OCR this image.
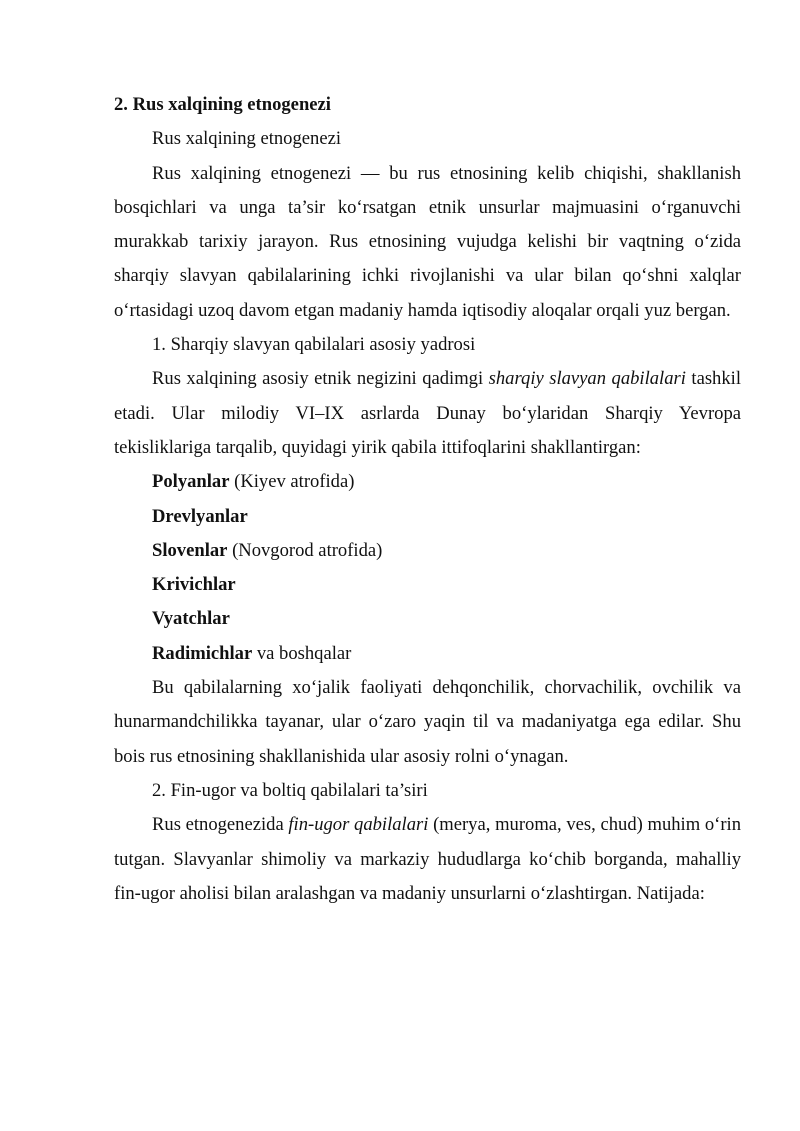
2. Rus xalqining etnogenezi

Rus xalqining etnogenezi

Rus xalqining etnogenezi — bu rus etnosining kelib chiqishi, shakllanish bosqichlari va unga ta’sir ko‘rsatgan etnik unsurlar majmuasini o‘rganuvchi murakkab tarixiy jarayon. Rus etnosining vujudga kelishi bir vaqtning o‘zida sharqiy slavyan qabilalarining ichki rivojlanishi va ular bilan qo‘shni xalqlar o‘rtasidagi uzoq davom etgan madaniy hamda iqtisodiy aloqalar orqali yuz bergan.

1. Sharqiy slavyan qabilalari asosiy yadrosi

Rus xalqining asosiy etnik negizini qadimgi sharqiy slavyan qabilalari tashkil etadi. Ular milodiy VI–IX asrlarda Dunay bo‘ylaridan Sharqiy Yevropa tekisliklariga tarqalib, quyidagi yirik qabila ittifoqlarini shakllantirgan:

Polyanlar (Kiyev atrofida)

Drevlyanlar

Slovenlar (Novgorod atrofida)

Krivichlar

Vyatchlar

Radimichlar va boshqalar

Bu qabilalarning xo‘jalik faoliyati dehqonchilik, chorvachilik, ovchilik va hunarmandchilikka tayanar, ular o‘zaro yaqin til va madaniyatga ega edilar. Shu bois rus etnosining shakllanishida ular asosiy rolni o‘ynagan.

2. Fin-ugor va boltiq qabilalari ta’siri

Rus etnogenezida fin-ugor qabilalari (merya, muroma, ves, chud) muhim o‘rin tutgan. Slavyanlar shimoliy va markaziy hududlarga ko‘chib borganda, mahalliy fin-ugor aholisi bilan aralashgan va madaniy unsurlarni o‘zlashtirgan. Natijada:
